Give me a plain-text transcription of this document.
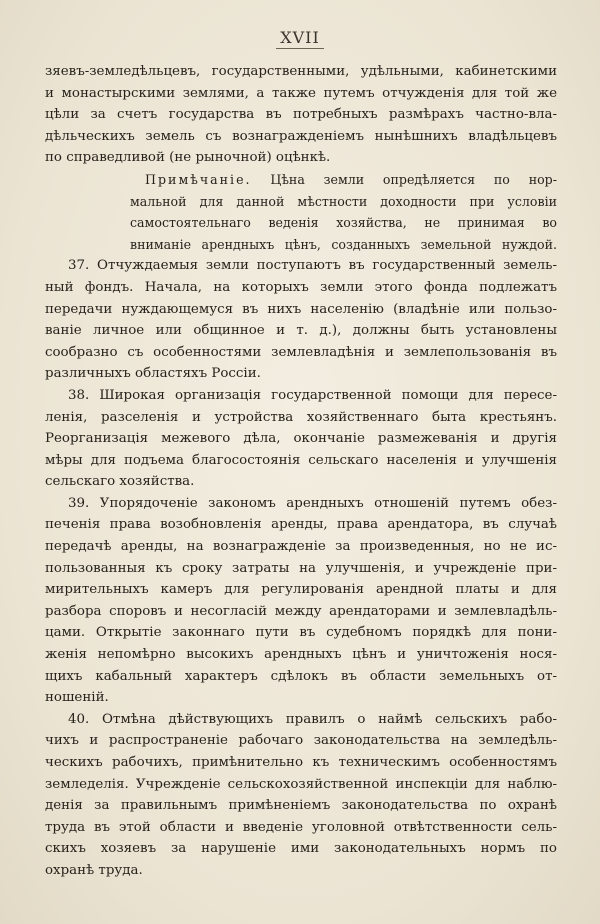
XVII
зяевъ-земледѣльцевъ, государственными, удѣльными, кабинетскими
и монастырскими землями, а также путемъ отчужденія для той же
цѣли за счетъ государства въ потребныхъ размѣрахъ частно-вла-
дѣльческихъ земель съ вознагражденіемъ нынѣшнихъ владѣльцевъ
по справедливой (не рыночной) оцѣнкѣ.
Примѣчаніе. Цѣна земли опредѣляется по нор-
мальной для данной мѣстности доходности при условіи
самостоятельнаго веденія хозяйства, не принимая во
вниманіе арендныхъ цѣнъ, созданныхъ земельной нуждой.
37. Отчуждаемыя земли поступаютъ въ государственный земель-
ный фондъ. Начала, на которыхъ земли этого фонда подлежатъ
передачи нуждающемуся въ нихъ населенію (владѣніе или пользо-
ваніе личное или общинное и т. д.), должны быть установлены
сообразно съ особенностями землевладѣнія и землепользованія въ
различныхъ областяхъ Россіи.
38. Широкая организація государственной помощи для пересе-
ленія, разселенія и устройства хозяйственнаго быта крестьянъ.
Реорганизація межевого дѣла, окончаніе размежеванія и другія
мѣры для подъема благосостоянія сельскаго населенія и улучшенія
сельскаго хозяйства.
39. Упорядоченіе закономъ арендныхъ отношеній путемъ обез-
печенія права возобновленія аренды, права арендатора, въ случаѣ
передачѣ аренды, на вознагражденіе за произведенныя, но не ис-
пользованныя къ сроку затраты на улучшенія, и учрежденіе при-
мирительныхъ камеръ для регулированія арендной платы и для
разбора споровъ и несогласій между арендаторами и землевладѣль-
цами. Открытіе законнаго пути въ судебномъ порядкѣ для пони-
женія непомѣрно высокихъ арендныхъ цѣнъ и уничтоженія нося-
щихъ кабальный характеръ сдѣлокъ въ области земельныхъ от-
ношеній.
40. Отмѣна дѣйствующихъ правилъ о наймѣ сельскихъ рабо-
чихъ и распространеніе рабочаго законодательства на земледѣль-
ческихъ рабочихъ, примѣнительно къ техническимъ особенностямъ
земледелія. Учрежденіе сельскохозяйственной инспекціи для наблю-
денія за правильнымъ примѣненіемъ законодательства по охранѣ
труда въ этой области и введеніе уголовной отвѣтственности сель-
скихъ хозяевъ за нарушеніе ими законодательныхъ нормъ по
охранѣ труда.
